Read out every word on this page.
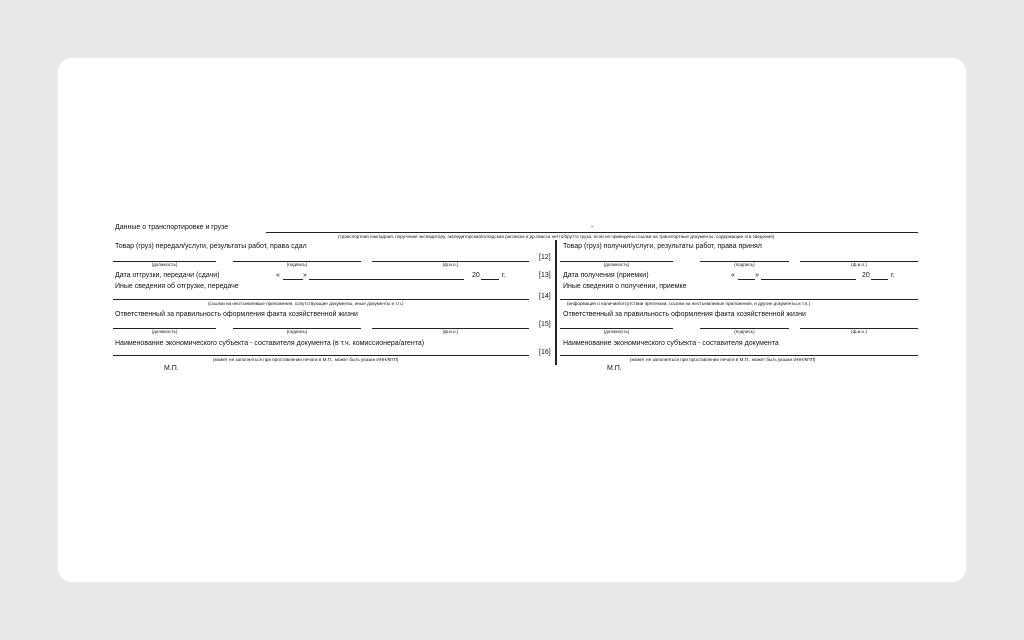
Данные о транспортировке и грузе	-
(транспортная накладная, поручение экспедитору, экспедиторская/складская расписка и др./масса нетто/брутто груза, если не приведены ссылки на транспортные документы, содержащие эти сведения)
[12]
[13]
[14]
[15]
[16]
Товар (груз) передал/услуги, результаты работ, права сдал
(должность)	(подпись)	(ф.и.о.)
Дата отгрузки, передачи (сдачи)	«	»	20	г.
Иные сведения об отгрузке, передаче
(ссылки на неотъемлемые приложения, сопутствующие документы, иные документы и т.п.)
Ответственный за правильность оформления факта хозяйственной жизни
(должность)	(подпись)	(ф.и.о.)
Наименование экономического субъекта - составителя документа (в т.ч. комиссионера/агента)
(может не заполняться при проставлении печати в М.П., может быть указан ИНН/КПП)
М.П.
Товар (груз) получил/услуги, результаты работ, права принял
(должность)	(подпись)	(ф.и.о.)
Дата получения (приемки)	«	»	20	г.
Иные сведения о получении, приемке
(информация о наличии/отсутствии претензии; ссылки на неотъемлемые приложения, и другие документы и т.п.)
Ответственный за правильность оформления факта хозяйственной жизни
(должность)	(подпись)	(ф.и.о.)
Наименование экономического субъекта - составителя документа
(может не заполняться при проставлении печати в М.П., может быть указан ИНН/КПП)
М.П.
